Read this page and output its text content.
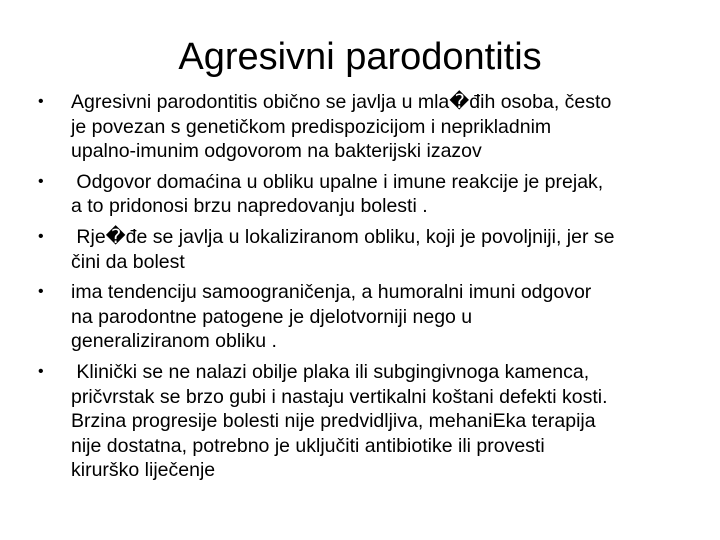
Agresivni parodontitis
• Agresivni parodontitis obično se javlja u mla�đih osoba, često
je povezan s genetičkom predispozicijom i neprikladnim
upalno-imunim odgovorom na bakterijski izazov
• Odgovor domaćina u obliku upalne i imune reakcije je prejak,
a to pridonosi brzu napredovanju bolesti .
• Rje�đe se javlja u lokaliziranom obliku, koji je povoljniji, jer se
čini da bolest
• ima tendenciju samoograničenja, a humoralni imuni odgovor
na parodontne patogene je djelotvorniji nego u
generaliziranom obliku .
• Klinički se ne nalazi obilje plaka ili subgingivnoga kamenca,
pričvrstak se brzo gubi i nastaju vertikalni koštani defekti kosti.
Brzina progresije bolesti nije predvidljiva, mehaniEka terapija
nije dostatna, potrebno je uključiti antibiotike ili provesti
kirurško liječenje
